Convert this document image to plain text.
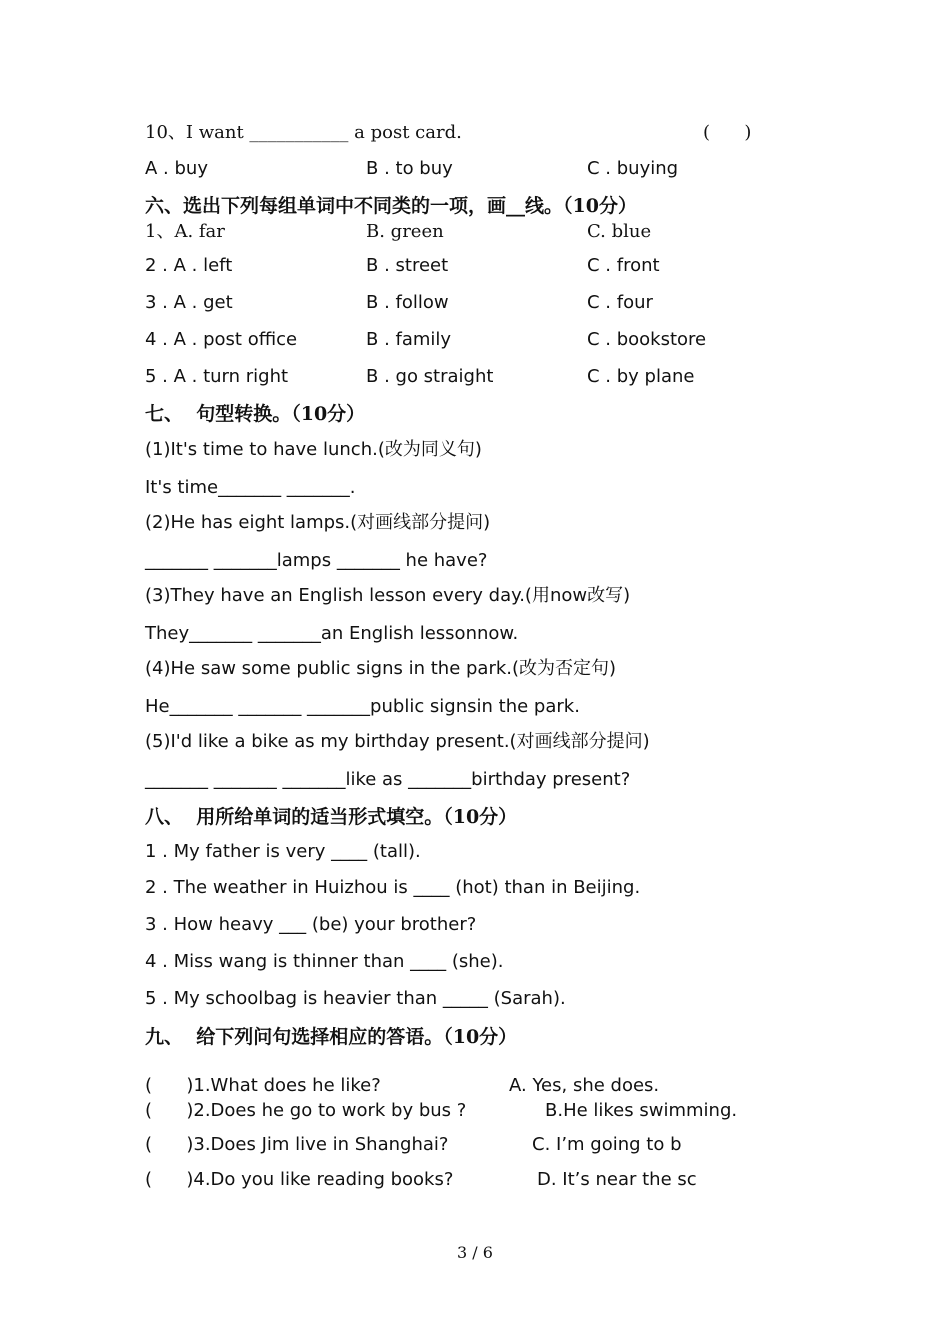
10、I want ___________ a post card.	(      )
A . buy	B . to buy	C . buying
六、选出下列每组单词中不同类的一项，画__线。（10分）
1、A. far	B. green	C. blue
2 . A . left	B . street	C . front
3 . A . get	B . follow	C . four
4 . A . post office	B . family	C . bookstore
5 . A . turn right	B . go straight	C . by plane
七、  句型转换。（10分）
(1)It's time to have lunch.(改为同义句)
It's time_______ _______.
(2)He has eight lamps.(对画线部分提问)
_______ _______lamps _______ he have?
(3)They have an English lesson every day.(用now改写)
They_______ _______an English lessonnow.
(4)He saw some public signs in the park.(改为否定句)
He_______ _______ _______public signsin the park.
(5)I'd like a bike as my birthday present.(对画线部分提问)
_______ _______ _______like as _______birthday present?
八、  用所给单词的适当形式填空。（10分）
1 . My father is very ____ (tall).
2 . The weather in Huizhou is ____ (hot) than in Beijing.
3 . How heavy ___ (be) your brother?
4 . Miss wang is thinner than ____ (she).
5 . My schoolbag is heavier than _____ (Sarah).
九、  给下列问句选择相应的答语。（10分）
(      )1.What does he like?	A. Yes, she does.
(      )2.Does he go to work by bus ?	B.He likes swimming.
(      )3.Does Jim live in Shanghai?	C. I’m going to b
(      )4.Do you like reading books?	D. It’s near the sc
3 / 6
